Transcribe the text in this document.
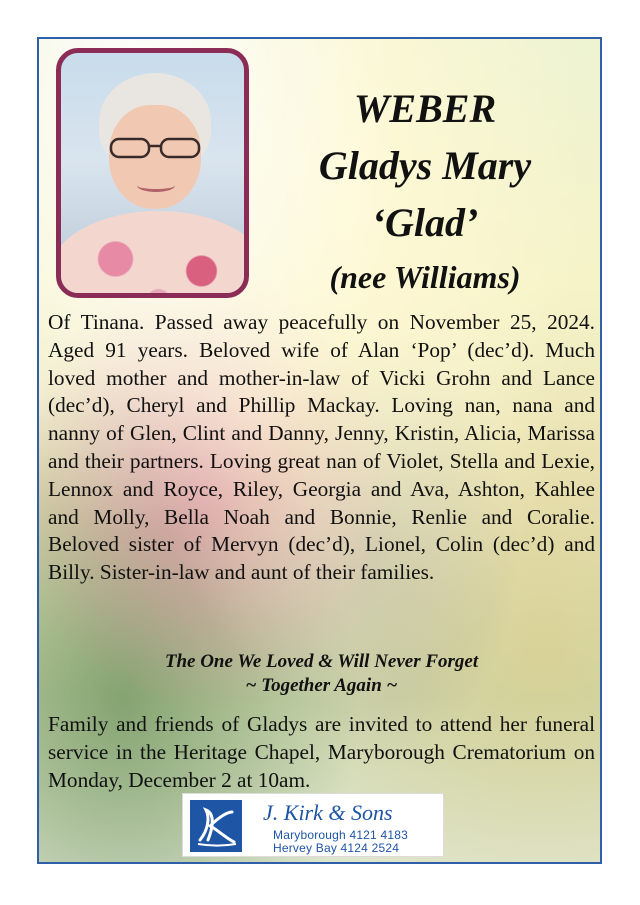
WEBER
Gladys Mary
‘Glad’
(nee Williams)
Of Tinana. Passed away peacefully on November 25, 2024. Aged 91 years. Beloved wife of Alan ‘Pop’ (dec’d). Much loved mother and mother-in-law of Vicki Grohn and Lance (dec’d), Cheryl and Phillip Mackay. Loving nan, nana and nanny of Glen, Clint and Danny, Jenny, Kristin, Alicia, Marissa and their partners. Loving great nan of Violet, Stella and Lexie, Lennox and Royce, Riley, Georgia and Ava, Ashton, Kahlee and Molly, Bella Noah and Bonnie, Renlie and Coralie. Beloved sister of Mervyn (dec’d), Lionel, Colin (dec’d) and Billy. Sister-in-law and aunt of their families.
The One We Loved & Will Never Forget
~ Together Again ~
Family and friends of Gladys are invited to attend her funeral service in the Heritage Chapel, Maryborough Crematorium on Monday, December 2 at 10am.
J. Kirk & Sons
Maryborough 4121 4183
Hervey Bay 4124 2524
